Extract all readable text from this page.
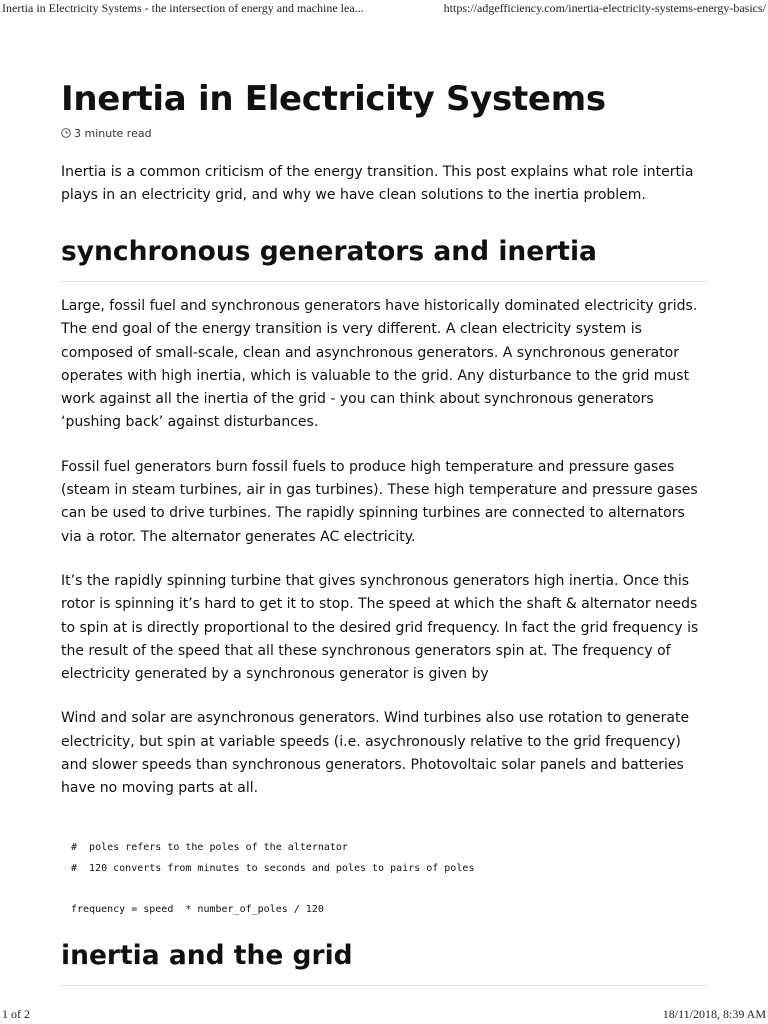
Inertia in Electricity Systems - the intersection of energy and machine lea...	https://adgefficiency.com/inertia-electricity-systems-energy-basics/
Inertia in Electricity Systems
3 minute read

Inertia is a common criticism of the energy transition. This post explains what role intertia plays in an electricity grid, and why we have clean solutions to the inertia problem.

synchronous generators and inertia

Large, fossil fuel and synchronous generators have historically dominated electricity grids. The end goal of the energy transition is very different. A clean electricity system is composed of small-scale, clean and asynchronous generators. A synchronous generator operates with high inertia, which is valuable to the grid. Any disturbance to the grid must work against all the inertia of the grid - you can think about synchronous generators ‘pushing back’ against disturbances.

Fossil fuel generators burn fossil fuels to produce high temperature and pressure gases (steam in steam turbines, air in gas turbines). These high temperature and pressure gases can be used to drive turbines. The rapidly spinning turbines are connected to alternators via a rotor. The alternator generates AC electricity.

It’s the rapidly spinning turbine that gives synchronous generators high inertia. Once this rotor is spinning it’s hard to get it to stop. The speed at which the shaft & alternator needs to spin at is directly proportional to the desired grid frequency. In fact the grid frequency is the result of the speed that all these synchronous generators spin at. The frequency of electricity generated by a synchronous generator is given by

Wind and solar are asynchronous generators. Wind turbines also use rotation to generate electricity, but spin at variable speeds (i.e. asychronously relative to the grid frequency) and slower speeds than synchronous generators. Photovoltaic solar panels and batteries have no moving parts at all.

#  poles refers to the poles of the alternator
#  120 converts from minutes to seconds and poles to pairs of poles
frequency = speed  * number_of_poles / 120
inertia and the grid
1 of 2	18/11/2018, 8:39 AM
